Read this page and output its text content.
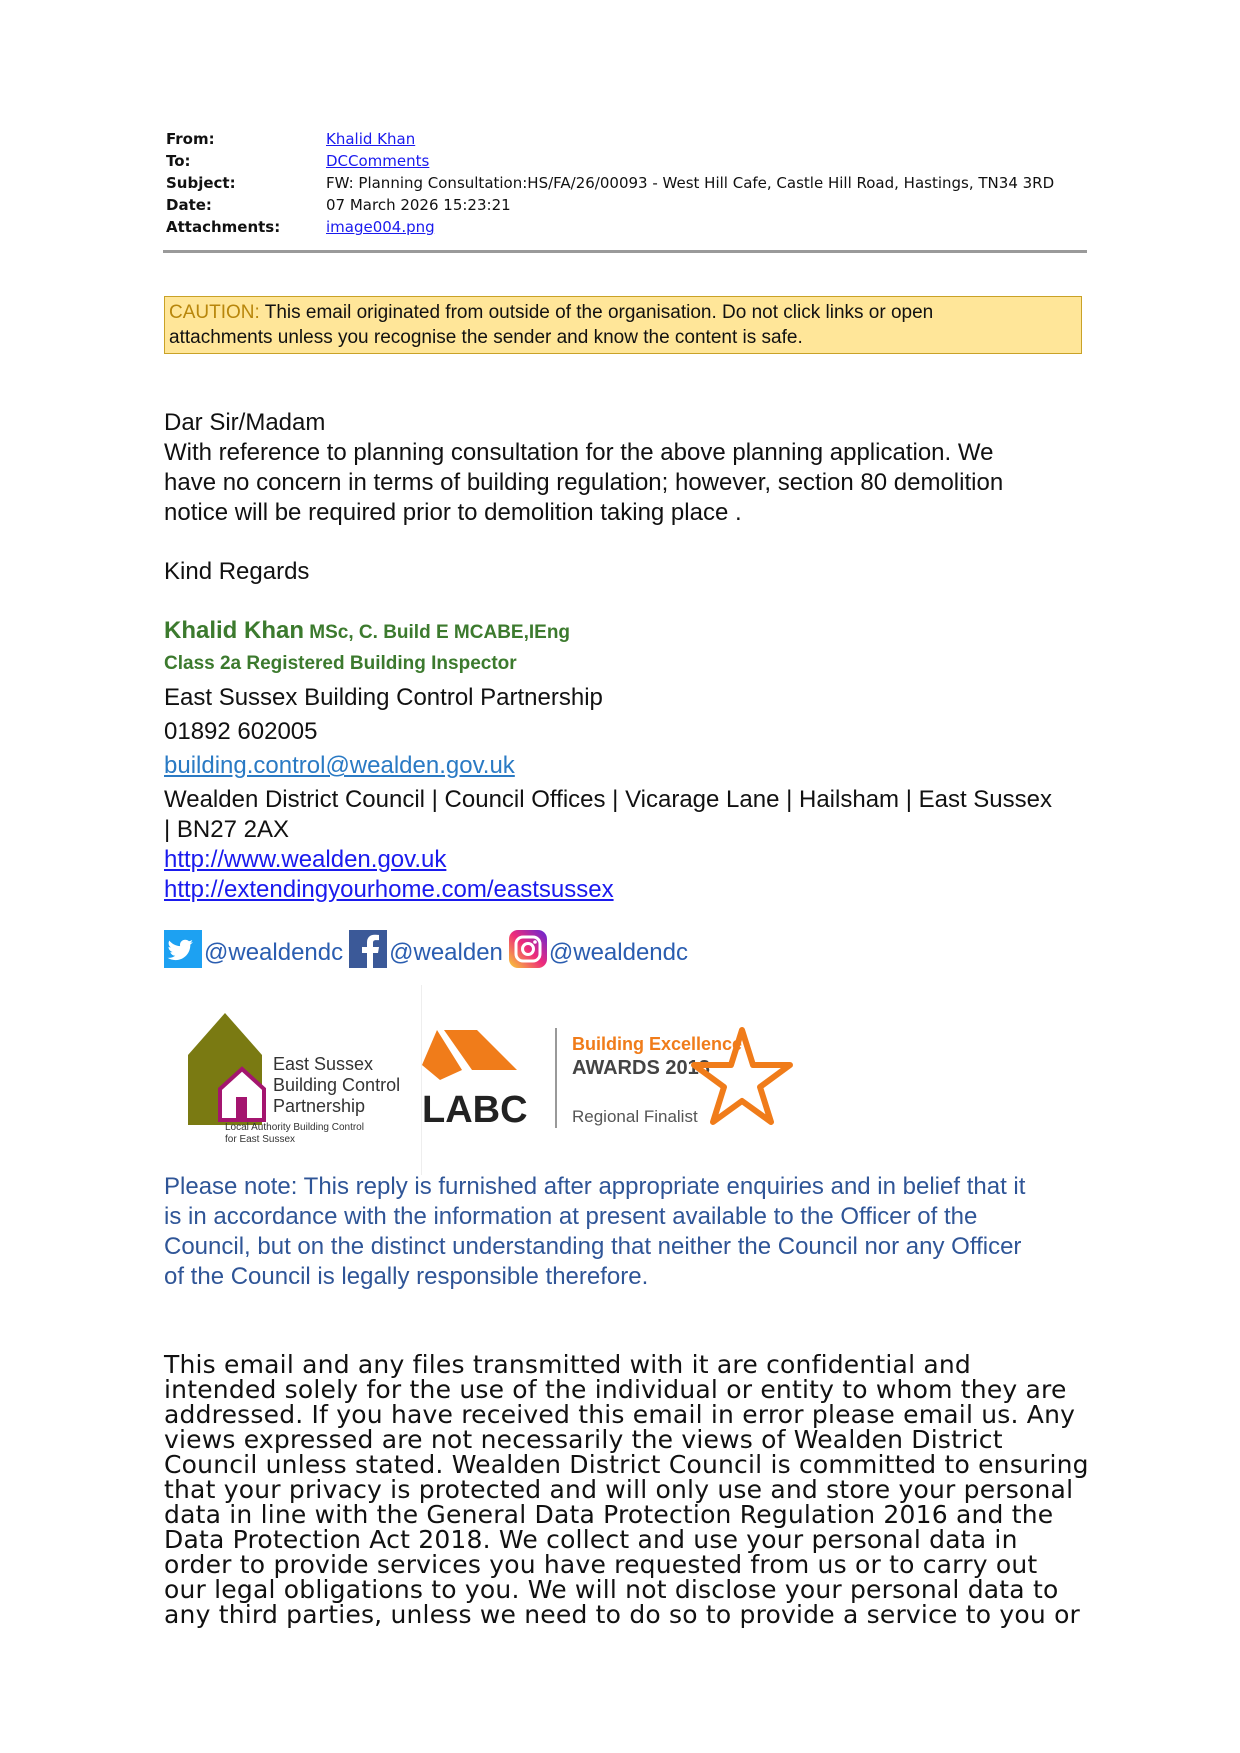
From:	Khalid Khan
To:	DCComments
Subject:	FW: Planning Consultation:HS/FA/26/00093 - West Hill Cafe, Castle Hill Road, Hastings, TN34 3RD
Date:	07 March 2026 15:23:21
Attachments:	image004.png
CAUTION: This email originated from outside of the organisation. Do not click links or open
attachments unless you recognise the sender and know the content is safe.
Dar Sir/Madam
With reference to planning consultation for the above planning application. We
have no concern in terms of building regulation; however, section 80 demolition
notice will be required prior to demolition taking place .
Kind Regards
Khalid Khan MSc, C. Build E MCABE,IEng
Class 2a Registered Building Inspector
East Sussex Building Control Partnership
01892 602005
building.control@wealden.gov.uk
Wealden District Council | Council Offices | Vicarage Lane | Hailsham | East Sussex | BN27 2AX
http://www.wealden.gov.uk
http://extendingyourhome.com/eastsussex
@wealdendc @wealden @wealdendc
East Sussex
Building Control
Partnership
Local Authority Building Control
for East Sussex
LABC
Building Excellence
AWARDS 2018
Regional Finalist
Please note: This reply is furnished after appropriate enquiries and in belief that it
is in accordance with the information at present available to the Officer of the
Council, but on the distinct understanding that neither the Council nor any Officer
of the Council is legally responsible therefore.
This email and any files transmitted with it are confidential and
intended solely for the use of the individual or entity to whom they are
addressed. If you have received this email in error please email us. Any
views expressed are not necessarily the views of Wealden District
Council unless stated. Wealden District Council is committed to ensuring
that your privacy is protected and will only use and store your personal
data in line with the General Data Protection Regulation 2016 and the
Data Protection Act 2018. We collect and use your personal data in
order to provide services you have requested from us or to carry out
our legal obligations to you. We will not disclose your personal data to
any third parties, unless we need to do so to provide a service to you or
